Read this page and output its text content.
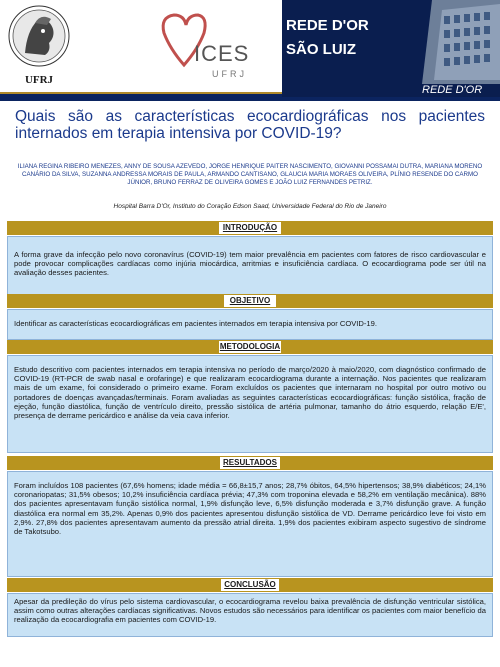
UFRJ
ICES
UFRJ
REDE D'OR
SÃO LUIZ
REDE D'OR
Quais são as características ecocardiográficas nos pacientes internados em terapia intensiva por COVID-19?
ILIANA REGINA RIBEIRO MENEZES, ANNY DE SOUSA AZEVEDO, JORGE HENRIQUE PAITER NASCIMENTO, GIOVANNI POSSAMAI DUTRA, MARIANA MORENO CANÁRIO DA SILVA, SUZANNA ANDRESSA MORAIS DE PAULA, ARMANDO CANTISANO, GLAUCIA MARIA MORAES OLIVEIRA, PLÍNIO RESENDE DO CARMO JÚNIOR, BRUNO FERRAZ DE OLIVEIRA GOMES E JOÃO LUIZ FERNANDES PETRIZ.
Hospital Barra D'Or, Instituto do Coração Edson Saad, Universidade Federal do Rio de Janeiro
INTRODUÇÃO

A forma grave da infecção pelo novo coronavírus (COVID-19) tem maior prevalência em pacientes com fatores de risco cardiovascular e pode provocar complicações cardíacas como injúria miocárdica, arritmias e insuficiência cardíaca. O ecocardiograma pode ser útil na avaliação desses pacientes.

OBJETIVO

Identificar as características ecocardiográficas em pacientes internados em terapia intensiva por COVID-19.

METODOLOGIA

Estudo descritivo com pacientes internados em terapia intensiva no período de março/2020 à maio/2020, com diagnóstico confirmado de COVID-19 (RT-PCR de swab nasal e orofaringe) e que realizaram ecocardiograma durante a internação. Nos pacientes que realizaram mais de um exame, foi considerado o primeiro exame. Foram excluídos os pacientes que internaram no hospital por outro motivo ou portadores de doenças avançadas/terminais. Foram avaliadas as seguintes características ecocardiográficas: função sistólica, fração de ejeção, função diastólica, função de ventrículo direito, pressão sistólica de artéria pulmonar, tamanho do átrio esquerdo, relação E/E', presença de derrame pericárdico e análise da veia cava inferior.

RESULTADOS

Foram incluídos 108 pacientes (67,6% homens; idade média = 66,8±15,7 anos; 28,7% óbitos, 64,5% hipertensos; 38,9% diabéticos; 24,1% coronariopatas; 31,5% obesos; 10,2% insuficiência cardíaca prévia; 47,3% com troponina elevada e 58,2% em ventilação mecânica). 88% dos pacientes apresentavam função sistólica normal, 1,9% disfunção leve, 6,5% disfunção moderada e 3,7% disfunção grave. A função diastólica era normal em 35,2%. Apenas 0,9% dos pacientes apresentou disfunção sistólica de VD. Derrame pericárdico leve foi visto em 2,9%. 27,8% dos pacientes apresentavam aumento da pressão atrial direita. 1,9% dos pacientes exibiram aspecto sugestivo de síndrome de Takotsubo.

CONCLUSÃO

Apesar da predileção do vírus pelo sistema cardiovascular, o ecocardiograma revelou baixa prevalência de disfunção ventricular sistólica, assim como outras alterações cardíacas significativas. Novos estudos são necessários para identificar os pacientes com maior benefício da realização da ecocardiografia em pacientes com COVID-19.
